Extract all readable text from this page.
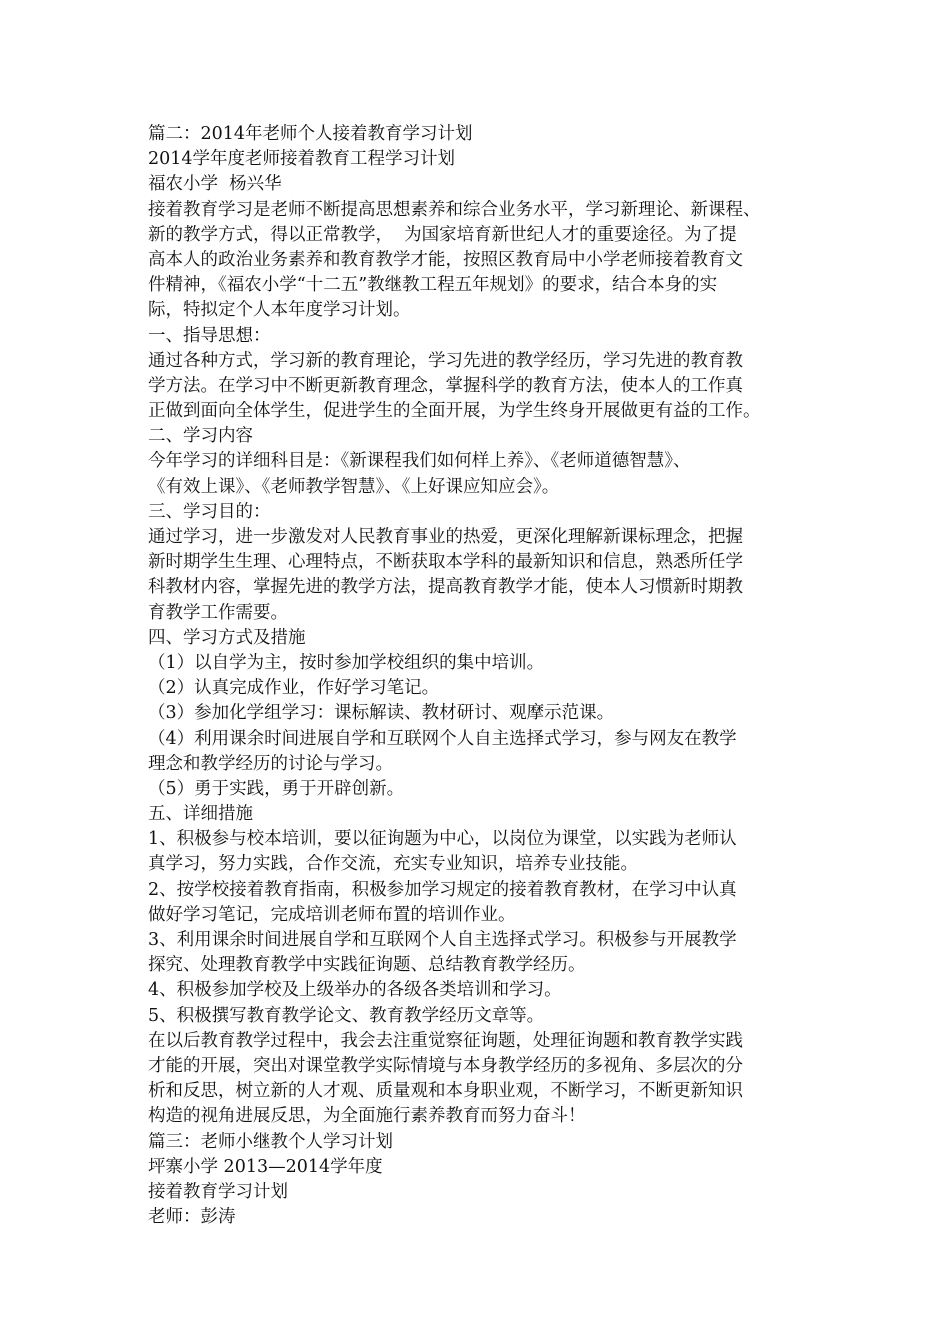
篇二：2014年老师个人接着教育学习计划
2014学年度老师接着教育工程学习计划
福农小学  杨兴华
接着教育学习是老师不断提高思想素养和综合业务水平，学习新理论、新课程、
新的教学方式，得以正常教学，  为国家培育新世纪人才的重要途径。为了提
高本人的政治业务素养和教育教学才能，按照区教育局中小学老师接着教育文
件精神，《福农小学“十二五”教继教工程五年规划》的要求，结合本身的实
际，特拟定个人本年度学习计划。
一、指导思想：
通过各种方式，学习新的教育理论，学习先进的教学经历，学习先进的教育教
学方法。在学习中不断更新教育理念，掌握科学的教育方法，使本人的工作真
正做到面向全体学生，促进学生的全面开展，为学生终身开展做更有益的工作。
二、学习内容
今年学习的详细科目是：《新课程我们如何样上养》、《老师道德智慧》、
《有效上课》、《老师教学智慧》、《上好课应知应会》。
三、学习目的：
通过学习，进一步激发对人民教育事业的热爱，更深化理解新课标理念，把握
新时期学生生理、心理特点，不断获取本学科的最新知识和信息，熟悉所任学
科教材内容，掌握先进的教学方法，提高教育教学才能，使本人习惯新时期教
育教学工作需要。
四、学习方式及措施
（1）以自学为主，按时参加学校组织的集中培训。
（2）认真完成作业，作好学习笔记。
（3）参加化学组学习：课标解读、教材研讨、观摩示范课。
（4）利用课余时间进展自学和互联网个人自主选择式学习，参与网友在教学
理念和教学经历的讨论与学习。
（5）勇于实践，勇于开辟创新。
五、详细措施
1、积极参与校本培训，要以征询题为中心，以岗位为课堂，以实践为老师认
真学习，努力实践，合作交流，充实专业知识，培养专业技能。
2、按学校接着教育指南，积极参加学习规定的接着教育教材，在学习中认真
做好学习笔记，完成培训老师布置的培训作业。
3、利用课余时间进展自学和互联网个人自主选择式学习。积极参与开展教学
探究、处理教育教学中实践征询题、总结教育教学经历。
4、积极参加学校及上级举办的各级各类培训和学习。
5、积极撰写教育教学论文、教育教学经历文章等。
在以后教育教学过程中，我会去注重觉察征询题，处理征询题和教育教学实践
才能的开展，突出对课堂教学实际情境与本身教学经历的多视角、多层次的分
析和反思，树立新的人才观、质量观和本身职业观，不断学习，不断更新知识
构造的视角进展反思，为全面施行素养教育而努力奋斗！
篇三：老师小继教个人学习计划
坪寨小学 2013—2014学年度
接着教育学习计划
老师：彭涛
